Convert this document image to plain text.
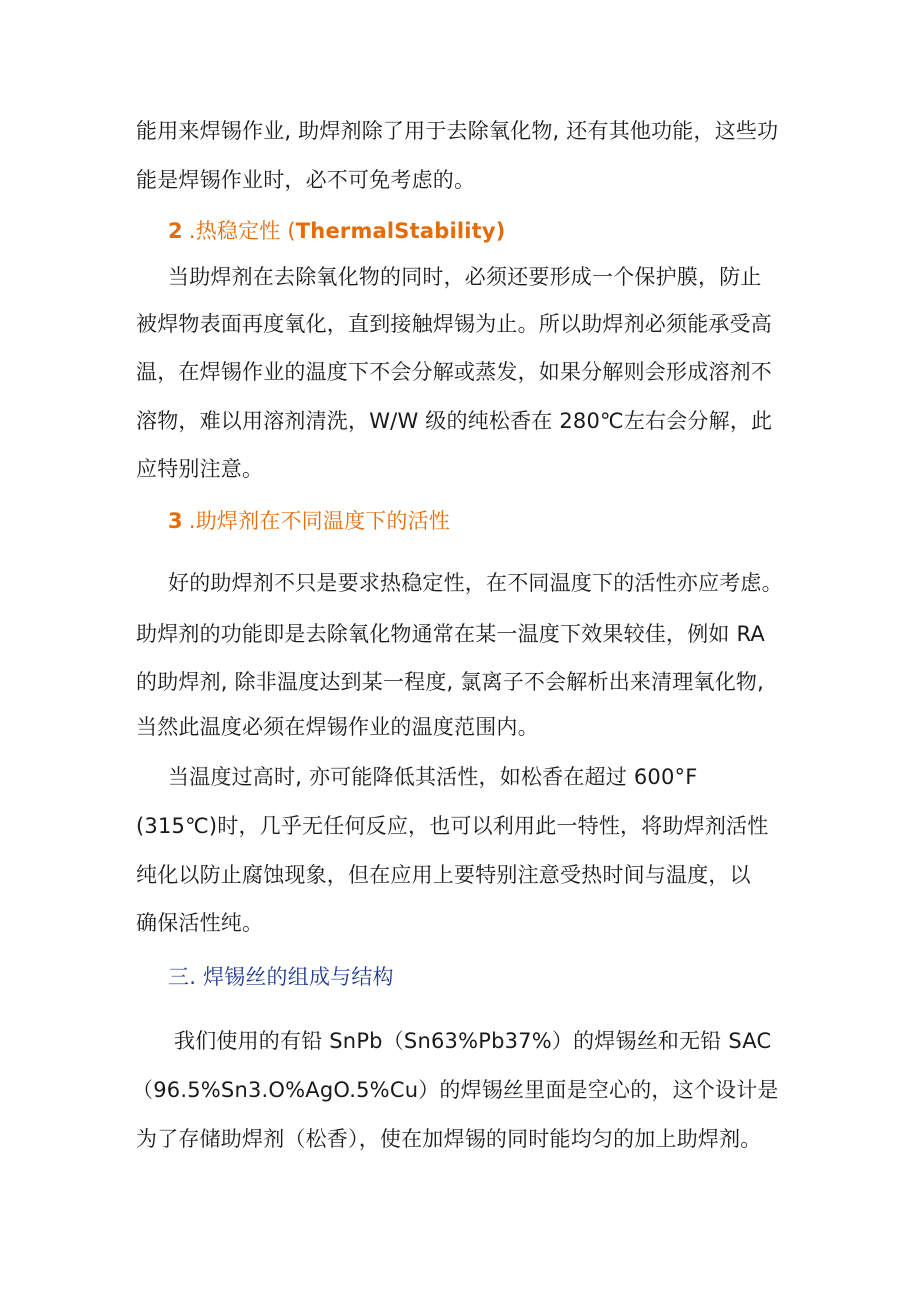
能用来焊锡作业, 助焊剂除了用于去除氧化物, 还有其他功能，这些功
能是焊锡作业时，必不可免考虑的。
2 .热稳定性 (ThermalStability)
当助焊剂在去除氧化物的同时，必须还要形成一个保护膜，防止
被焊物表面再度氧化，直到接触焊锡为止。所以助焊剂必须能承受高
温，在焊锡作业的温度下不会分解或蒸发，如果分解则会形成溶剂不
溶物，难以用溶剂清洗，W/W 级的纯松香在 280℃左右会分解，此
应特别注意。
3 .助焊剂在不同温度下的活性
好的助焊剂不只是要求热稳定性，在不同温度下的活性亦应考虑。
助焊剂的功能即是去除氧化物通常在某一温度下效果较佳，例如 RA
的助焊剂, 除非温度达到某一程度, 氯离子不会解析出来清理氧化物,
当然此温度必须在焊锡作业的温度范围内。
当温度过高时, 亦可能降低其活性，如松香在超过 600°F
(315℃)时，几乎无任何反应，也可以利用此一特性，将助焊剂活性
纯化以防止腐蚀现象，但在应用上要特别注意受热时间与温度，以
确保活性纯。
三. 焊锡丝的组成与结构
我们使用的有铅 SnPb（Sn63%Pb37%）的焊锡丝和无铅 SAC
（96.5%Sn3.O%AgO.5%Cu）的焊锡丝里面是空心的，这个设计是
为了存储助焊剂（松香），使在加焊锡的同时能均匀的加上助焊剂。
